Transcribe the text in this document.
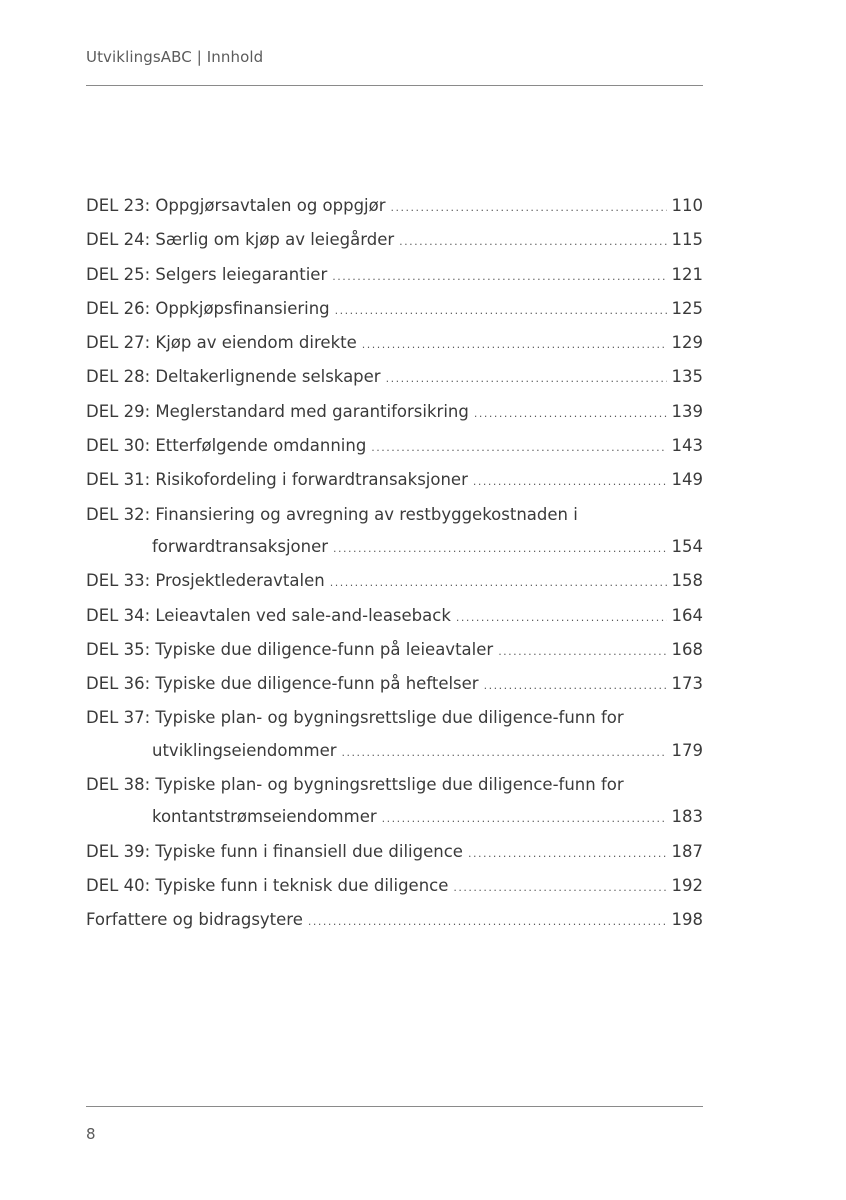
UtviklingsABC | Innhold
DEL 23: Oppgjørsavtalen og oppgjør .....	110
DEL 24: Særlig om kjøp av leiegårder .....	115
DEL 25: Selgers leiegarantier .....	121
DEL 26: Oppkjøpsfinansiering .....	125
DEL 27: Kjøp av eiendom direkte .....	129
DEL 28: Deltakerlignende selskaper .....	135
DEL 29: Meglerstandard med garantiforsikring .....	139
DEL 30: Etterfølgende omdanning .....	143
DEL 31: Risikofordeling i forwardtransaksjoner .....	149
DEL 32: Finansiering og avregning av restbyggekostnaden i
forwardtransaksjoner .....	154
DEL 33: Prosjektlederavtalen .....	158
DEL 34: Leieavtalen ved sale-and-leaseback .....	164
DEL 35: Typiske due diligence-funn på leieavtaler .....	168
DEL 36: Typiske due diligence-funn på heftelser .....	173
DEL 37: Typiske plan- og bygningsrettslige due diligence-funn for
utviklingseiendommer .....	179
DEL 38: Typiske plan- og bygningsrettslige due diligence-funn for
kontantstrømseiendommer .....	183
DEL 39: Typiske funn i finansiell due diligence .....	187
DEL 40: Typiske funn i teknisk due diligence .....	192
Forfattere og bidragsytere .....	198
8
